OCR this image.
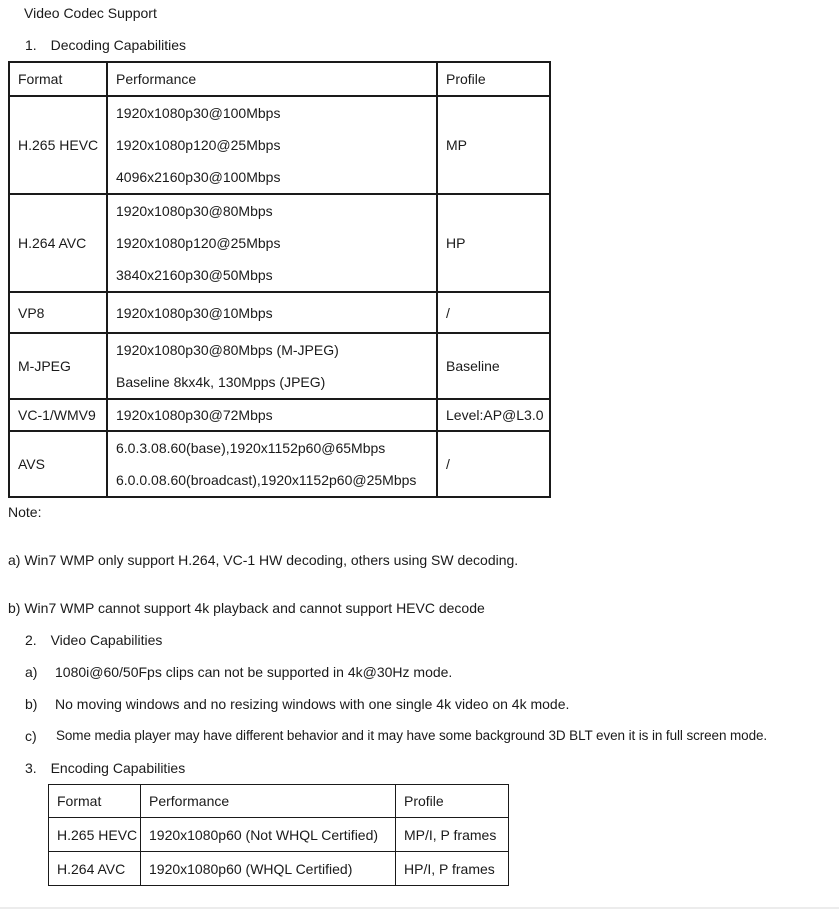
Video Codec Support
1. Decoding Capabilities
Format	Performance	Profile
H.265 HEVC	1920x1080p30@100Mbps
1920x1080p120@25Mbps
4096x2160p30@100Mbps	MP
H.264 AVC	1920x1080p30@80Mbps
1920x1080p120@25Mbps
3840x2160p30@50Mbps	HP
VP8	1920x1080p30@10Mbps	/
M-JPEG	1920x1080p30@80Mbps (M-JPEG)
Baseline 8kx4k, 130Mpps (JPEG)	Baseline
VC-1/WMV9	1920x1080p30@72Mbps	Level:AP@L3.0
AVS	6.0.3.08.60(base),1920x1152p60@65Mbps
6.0.0.08.60(broadcast),1920x1152p60@25Mbps	/
Note:
a) Win7 WMP only support H.264, VC-1 HW decoding, others using SW decoding.
b) Win7 WMP cannot support 4k playback and cannot support HEVC decode
2. Video Capabilities
a) 1080i@60/50Fps clips can not be supported in 4k@30Hz mode.
b) No moving windows and no resizing windows with one single 4k video on 4k mode.
c) Some media player may have different behavior and it may have some background 3D BLT even it is in full screen mode.
3. Encoding Capabilities
Format	Performance	Profile
H.265 HEVC	1920x1080p60 (Not WHQL Certified)	MP/I, P frames
H.264 AVC	1920x1080p60 (WHQL Certified)	HP/I, P frames
